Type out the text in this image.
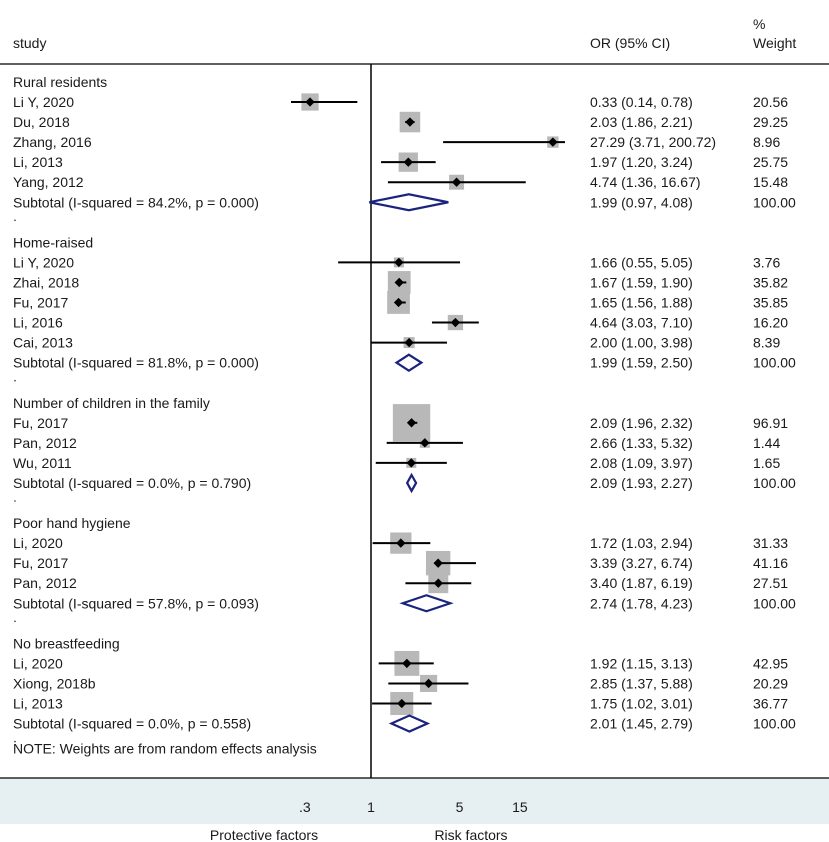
study	OR (95% CI)
%
Weight
.3	1	5	15
Protective factors	Risk factors
Rural residents
Li Y, 2020	0.33 (0.14, 0.78)	20.56
Du, 2018	2.03 (1.86, 2.21)	29.25
Zhang, 2016	27.29 (3.71, 200.72)	8.96
Li, 2013	1.97 (1.20, 3.24)	25.75
Yang, 2012	4.74 (1.36, 16.67)	15.48
Subtotal (I-squared = 84.2%, p = 0.000)	1.99 (0.97, 4.08)	100.00
Home-raised
Li Y, 2020	1.66 (0.55, 5.05)	3.76
Zhai, 2018	1.67 (1.59, 1.90)	35.82
Fu, 2017	1.65 (1.56, 1.88)	35.85
Li, 2016	4.64 (3.03, 7.10)	16.20
Cai, 2013	2.00 (1.00, 3.98)	8.39
Subtotal (I-squared = 81.8%, p = 0.000)	1.99 (1.59, 2.50)	100.00
Number of children in the family
Fu, 2017	2.09 (1.96, 2.32)	96.91
Pan, 2012	2.66 (1.33, 5.32)	1.44
Wu, 2011	2.08 (1.09, 3.97)	1.65
Subtotal (I-squared = 0.0%, p = 0.790)	2.09 (1.93, 2.27)	100.00
Poor hand hygiene
Li, 2020	1.72 (1.03, 2.94)	31.33
Fu, 2017	3.39 (3.27, 6.74)	41.16
Pan, 2012	3.40 (1.87, 6.19)	27.51
Subtotal (I-squared = 57.8%, p = 0.093)	2.74 (1.78, 4.23)	100.00
No breastfeeding
Li, 2020	1.92 (1.15, 3.13)	42.95
Xiong, 2018b	2.85 (1.37, 5.88)	20.29
Li, 2013	1.75 (1.02, 3.01)	36.77
Subtotal (I-squared = 0.0%, p = 0.558)	2.01 (1.45, 2.79)	100.00
NOTE: Weights are from random effects analysis
